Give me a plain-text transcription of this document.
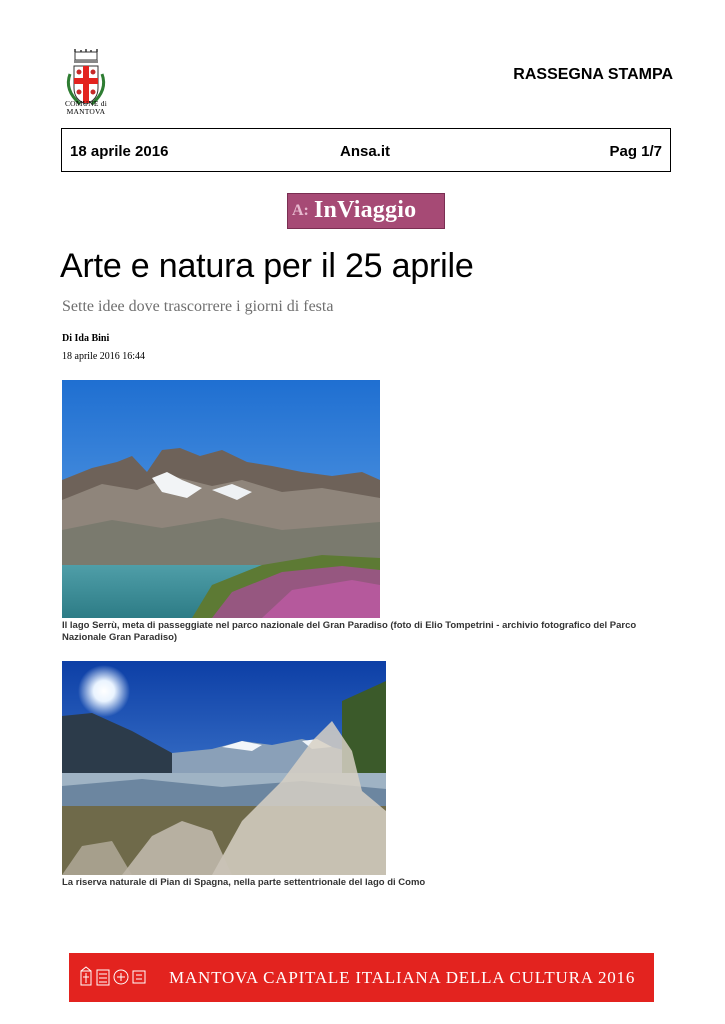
COMUNE di
MANTOVA
RASSEGNA STAMPA
18 aprile 2016	Ansa.it	Pag 1/7
A: InViaggio
Arte e natura per il 25 aprile
Sette idee dove trascorrere i giorni di festa
Di Ida Bini
18 aprile 2016 16:44
Il lago Serrù, meta di passeggiate nel parco nazionale del Gran Paradiso (foto di Elio Tompetrini - archivio fotografico del Parco Nazionale Gran Paradiso)
La riserva naturale di Pian di Spagna, nella parte settentrionale del lago di Como
MANTOVA CAPITALE ITALIANA DELLA CULTURA 2016
